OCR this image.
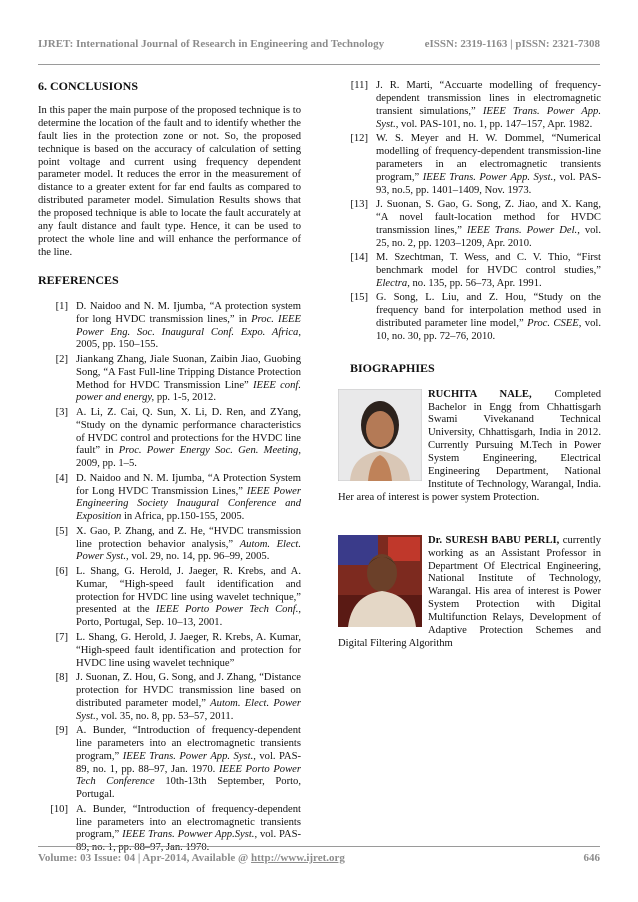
IJRET: International Journal of Research in Engineering and Technology	eISSN: 2319-1163 | pISSN: 2321-7308
6. CONCLUSIONS

In this paper the main purpose of the proposed technique is to determine the location of the fault and to identify whether the fault lies in the protection zone or not. So, the proposed technique is based on the accuracy of calculation of setting point voltage and current using frequency dependent parameter model. It reduces the error in the measurement of distance to a greater extent for far end faults as compared to distributed parameter model. Simulation Results shows that the proposed technique is able to locate the fault accurately at any fault distance and fault type. Hence, it can be used to protect the whole line and will enhance the performance of the line.

REFERENCES
[1] D. Naidoo and N. M. Ijumba, “A protection system for long HVDC transmission lines,” in Proc. IEEE Power Eng. Soc. Inaugural Conf. Expo. Africa, 2005, pp. 150–155.
[2] Jiankang Zhang, Jiale Suonan, Zaibin Jiao, Guobing Song, “A Fast Full-line Tripping Distance Protection Method for HVDC Transmission Line” IEEE conf. power and energy, pp. 1-5, 2012.
[3] A. Li, Z. Cai, Q. Sun, X. Li, D. Ren, and ZYang, “Study on the dynamic performance characteristics of HVDC control and protections for the HVDC line fault” in Proc. Power Energy Soc. Gen. Meeting, 2009, pp. 1–5.
[4] D. Naidoo and N. M. Ijumba, “A Protection System for Long HVDC Transmission Lines,” IEEE Power Engineering Society Inaugural Conference and Exposition in Africa, pp.150-155, 2005.
[5] X. Gao, P. Zhang, and Z. He, “HVDC transmission line protection behavior analysis,” Autom. Elect. Power Syst., vol. 29, no. 14, pp. 96–99, 2005.
[6] L. Shang, G. Herold, J. Jaeger, R. Krebs, and A. Kumar, “High-speed fault identification and protection for HVDC line using wavelet technique,” presented at the IEEE Porto Power Tech Conf., Porto, Portugal, Sep. 10–13, 2001.
[7] L. Shang, G. Herold, J. Jaeger, R. Krebs, A. Kumar, “High-speed fault identification and protection for HVDC line using wavelet technique”
[8] J. Suonan, Z. Hou, G. Song, and J. Zhang, “Distance protection for HVDC transmission line based on distributed parameter model,” Autom. Elect. Power Syst., vol. 35, no. 8, pp. 53–57, 2011.
[9] A. Bunder, “Introduction of frequency-dependent line parameters into an electromagnetic transients program,” IEEE Trans. Power App. Syst., vol. PAS-89, no. 1, pp. 88–97, Jan. 1970. IEEE Porto Power Tech Conference 10th-13th September, Porto, Portugal.
[10] A. Bunder, “Introduction of frequency-dependent line parameters into an electromagnetic transients program,” IEEE Trans. Powwer App.Syst., vol. PAS-89, no. 1, pp. 88–97, Jan. 1970.
[11] J. R. Marti, “Accuarte modelling of frequency-dependent transmission lines in electromagnetic transient simulations,” IEEE Trans. Power App. Syst., vol. PAS-101, no. 1, pp. 147–157, Apr. 1982.
[12] W. S. Meyer and H. W. Dommel, “Numerical modelling of frequency-dependent transmission-line parameters in an electromagnetic transients program,” IEEE Trans. Power App. Syst., vol. PAS-93, no.5, pp. 1401–1409, Nov. 1973.
[13] J. Suonan, S. Gao, G. Song, Z. Jiao, and X. Kang, “A novel fault-location method for HVDC transmission lines,” IEEE Trans. Power Del., vol. 25, no. 2, pp. 1203–1209, Apr. 2010.
[14] M. Szechtman, T. Wess, and C. V. Thio, “First benchmark model for HVDC control studies,” Electra, no. 135, pp. 56–73, Apr. 1991.
[15] G. Song, L. Liu, and Z. Hou, “Study on the frequency band for interpolation method used in distributed parameter line model,” Proc. CSEE, vol. 10, no. 30, pp. 72–76, 2010.
BIOGRAPHIES
RUCHITA NALE, Completed Bachelor in Engg from Chhattisgarh Swami Vivekanand Technical University, Chhattisgarh, India in 2012. Currently Pursuing M.Tech in Power System Engineering, Electrical Engineering Department, National Institute of Technology, Warangal, India. Her area of interest is power system Protection.
Dr. SURESH BABU PERLI, currently working as an Assistant Professor in Department Of Electrical Engineering, National Institute of Technology, Warangal. His area of interest is Power System Protection with Digital Multifunction Relays, Development of Adaptive Protection Schemes and Digital Filtering Algorithm
Volume: 03 Issue: 04 | Apr-2014, Available @ http://www.ijret.org	646
